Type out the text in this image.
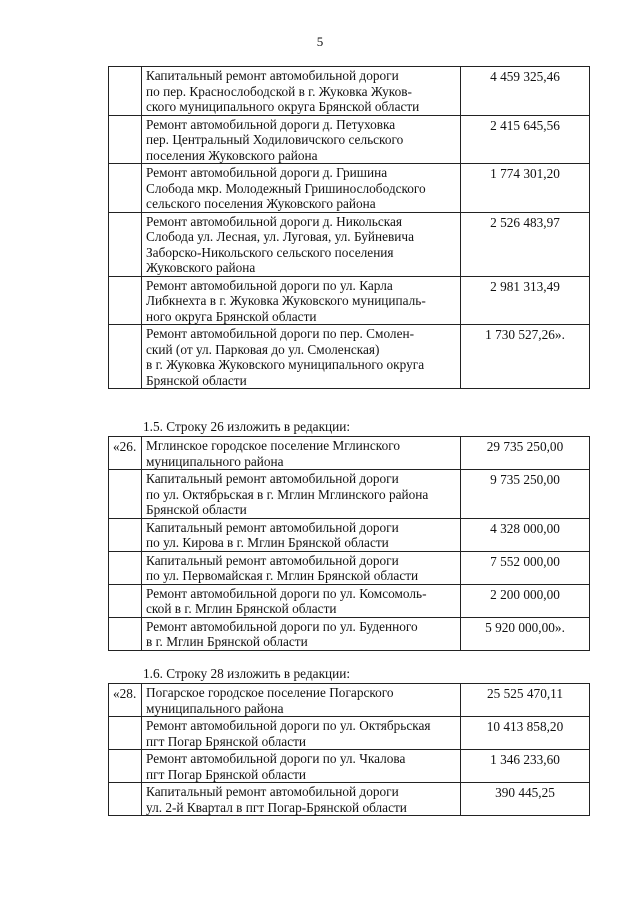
5

	Капитальный ремонт автомобильной дороги
по пер. Краснослободской в г. Жуковка Жуков-
ского муниципального округа Брянской области	4 459 325,46

	Ремонт автомобильной дороги д. Петуховка
пер. Центральный Ходиловичского сельского
поселения Жуковского района	2 415 645,56

	Ремонт автомобильной дороги д. Гришина
Слобода мкр. Молодежный Гришинослободского
сельского поселения Жуковского района	1 774 301,20

	Ремонт автомобильной дороги д. Никольская
Слобода ул. Лесная, ул. Луговая, ул. Буйневича
Заборско-Никольского сельского поселения
Жуковского района	2 526 483,97

	Ремонт автомобильной дороги по ул. Карла
Либкнехта в г. Жуковка Жуковского муниципаль-
ного округа Брянской области	2 981 313,49

	Ремонт автомобильной дороги по пер. Смолен-
ский (от ул. Парковая до ул. Смоленская)
в г. Жуковка Жуковского муниципального округа
Брянской области	1 730 527,26».
1.5. Строку 26 изложить в редакции:
«26.	Мглинское городское поселение Мглинского
муниципального района	29 735 250,00

	Капитальный ремонт автомобильной дороги
по ул. Октябрьская в г. Мглин Мглинского района
Брянской области	9 735 250,00

	Капитальный ремонт автомобильной дороги
по ул. Кирова в г. Мглин Брянской области	4 328 000,00

	Капитальный ремонт автомобильной дороги
по ул. Первомайская г. Мглин Брянской области	7 552 000,00

	Ремонт автомобильной дороги по ул. Комсомоль-
ской в г. Мглин Брянской области	2 200 000,00

	Ремонт автомобильной дороги по ул. Буденного
в г. Мглин Брянской области	5 920 000,00».
1.6. Строку 28 изложить в редакции:
«28.	Погарское городское поселение Погарского
муниципального района	25 525 470,11

	Ремонт автомобильной дороги по ул. Октябрьская
пгт Погар Брянской области	10 413 858,20

	Ремонт автомобильной дороги по ул. Чкалова
пгт Погар Брянской области	1 346 233,60

	Капитальный ремонт автомобильной дороги
ул. 2-й Квартал в пгт Погар-Брянской области	390 445,25
